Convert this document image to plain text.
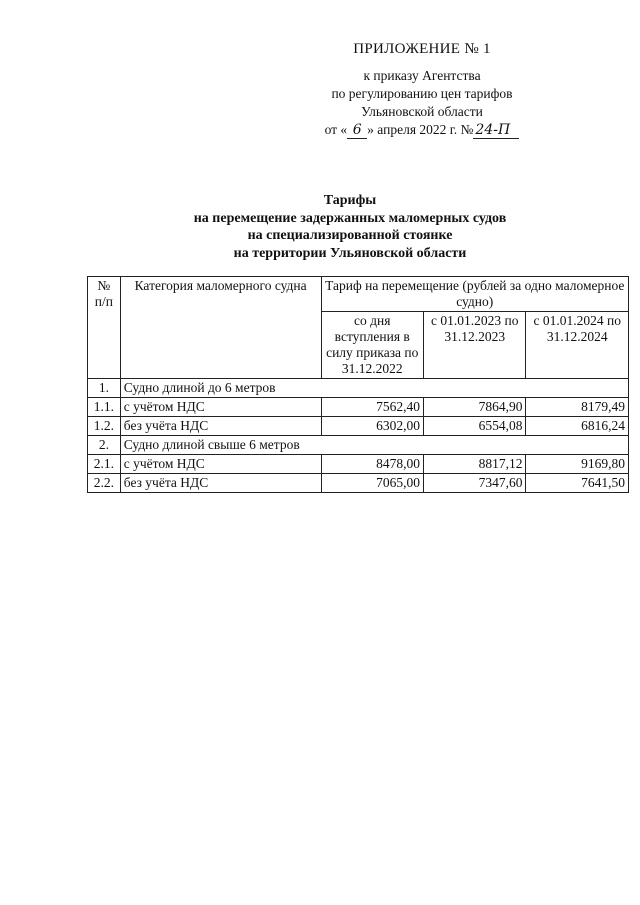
ПРИЛОЖЕНИЕ № 1
к приказу Агентства
по регулированию цен тарифов
Ульяновской области
от « 6 » апреля 2022 г. № 24-П
Тарифы
на перемещение задержанных маломерных судов
на специализированной стоянке
на территории Ульяновской области
№ п/п	Категория маломерного судна	Тариф на перемещение (рублей за одно маломерное судно)		
		со дня вступления в силу приказа по 31.12.2022	с 01.01.2023 по 31.12.2023	с 01.01.2024 по 31.12.2024
1.	Судно длиной до 6 метров			
1.1.	с учётом НДС	7562,40	7864,90	8179,49
1.2.	без учёта НДС	6302,00	6554,08	6816,24
2.	Судно длиной свыше 6 метров			
2.1.	с учётом НДС	8478,00	8817,12	9169,80
2.2.	без учёта НДС	7065,00	7347,60	7641,50
